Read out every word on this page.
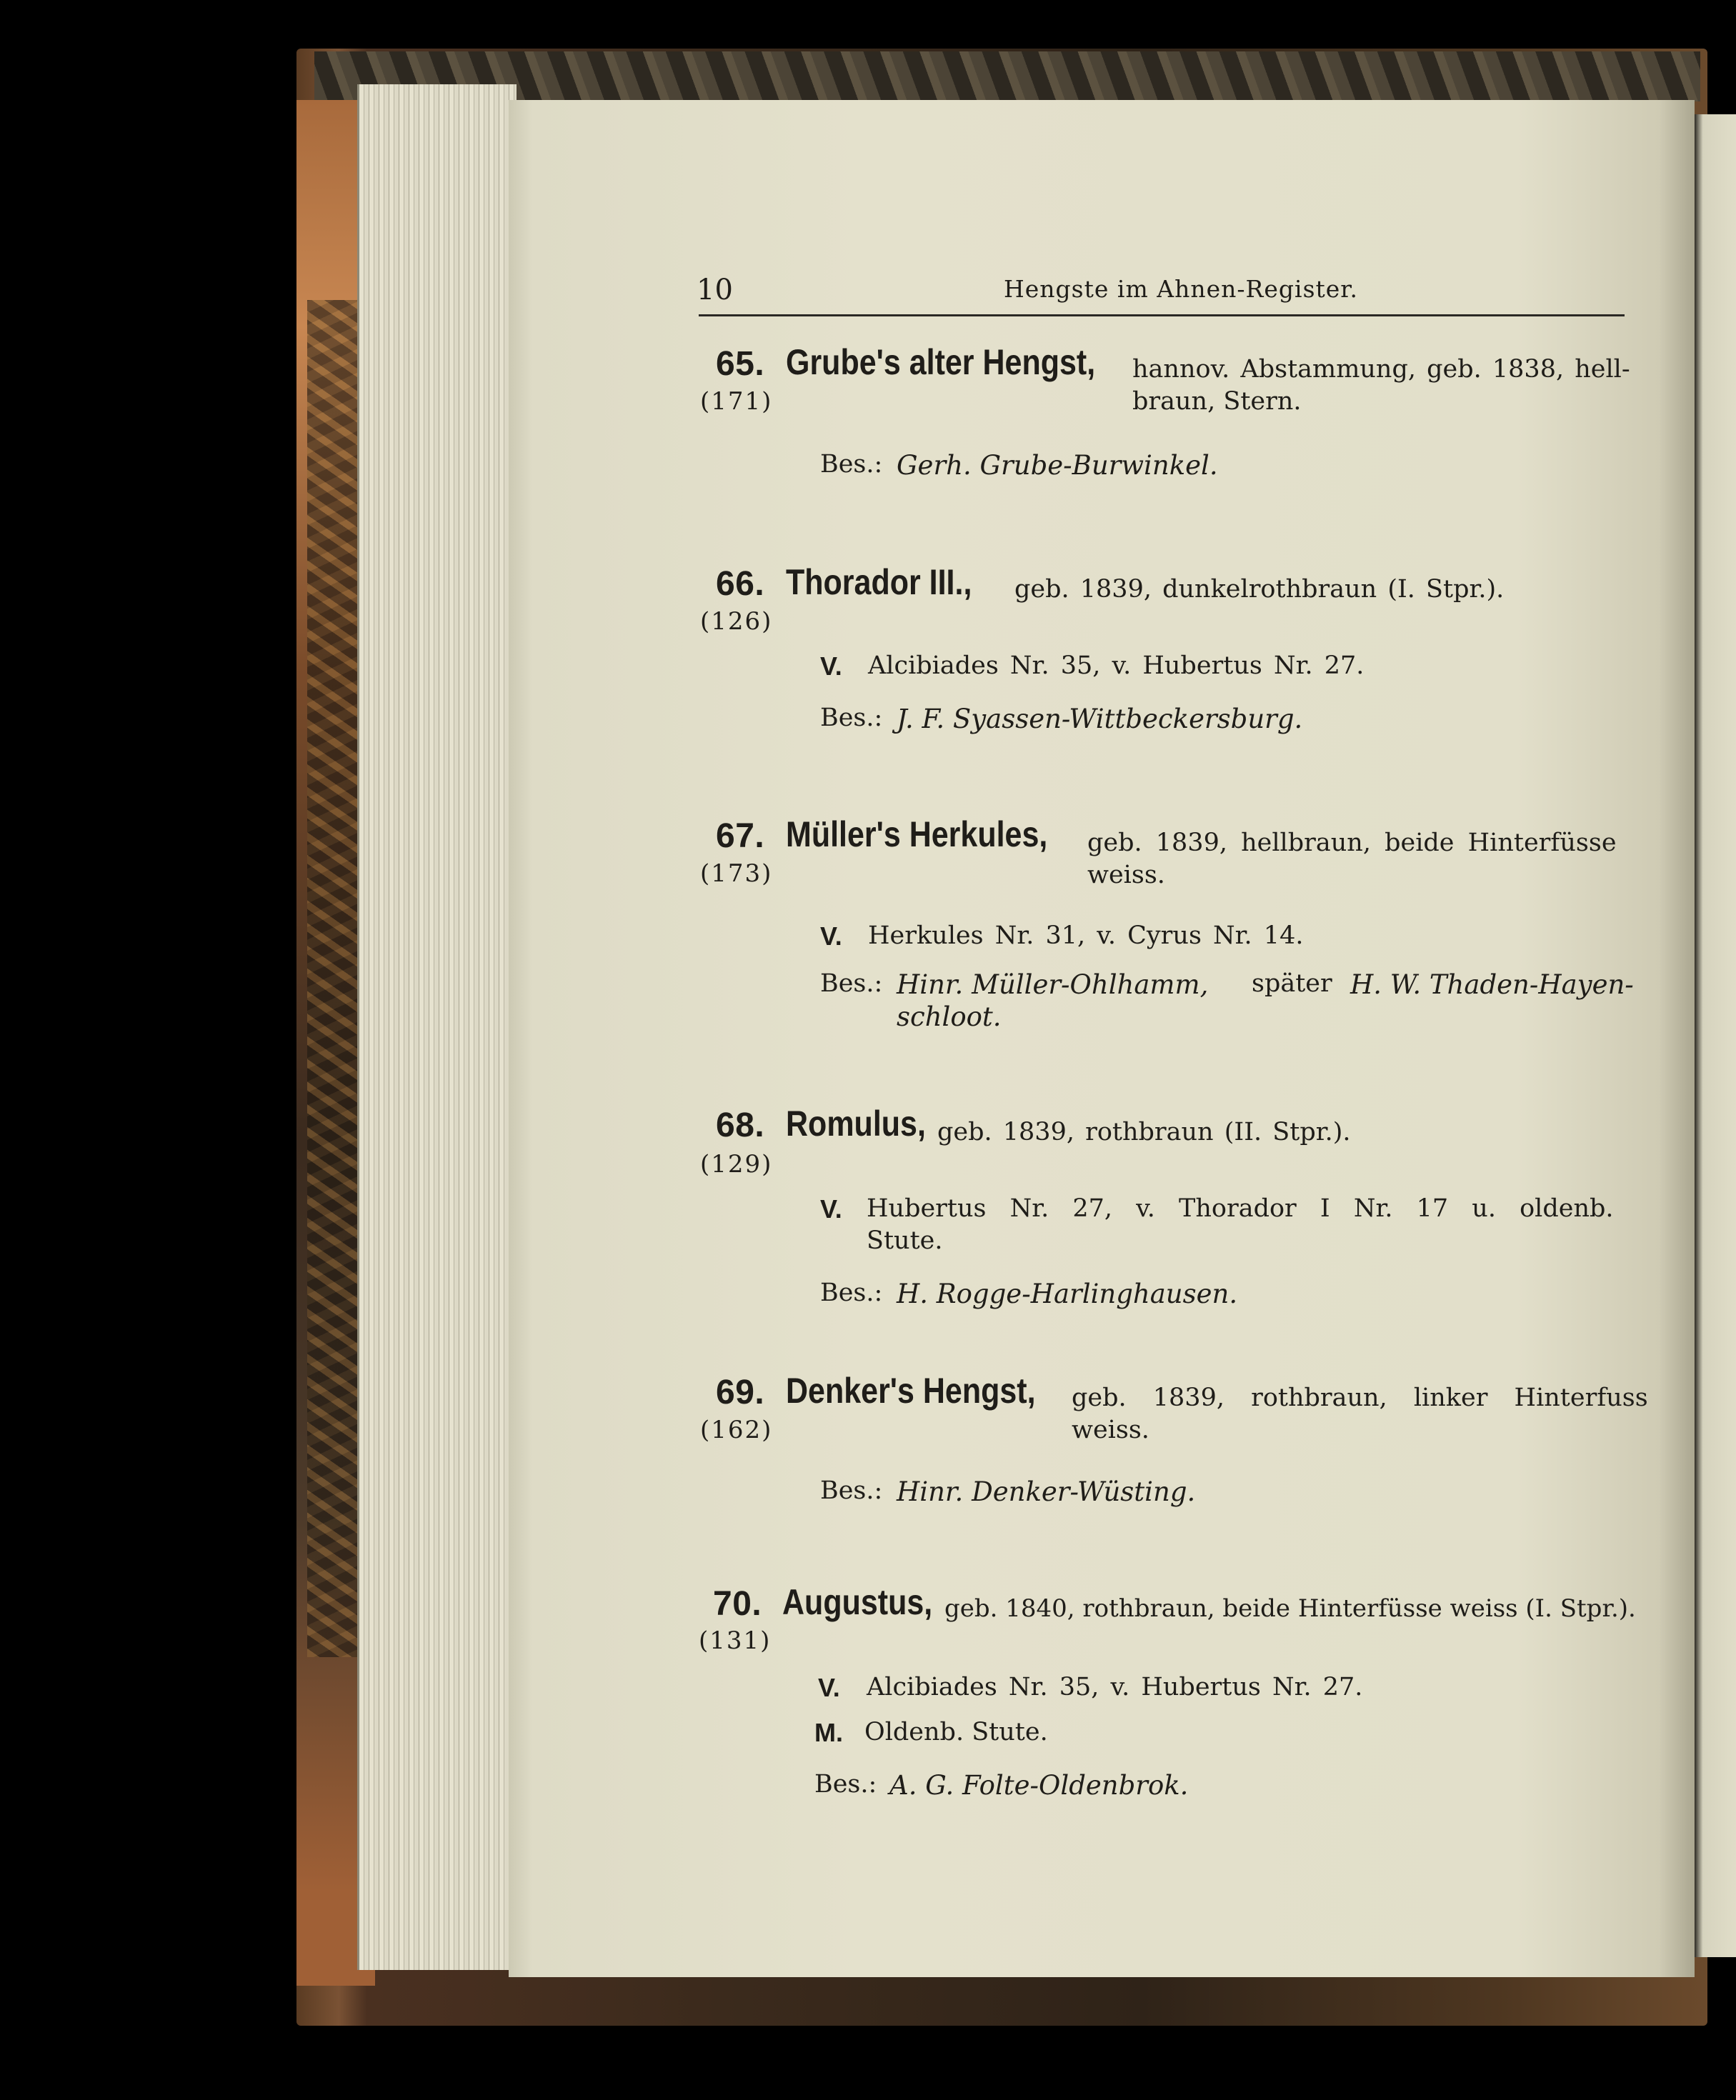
10	Hengste im Ahnen-Register.
65. Grube's alter Hengst,	hannov. Abstammung, geb. 1838, hell-
(171)	braun, Stern.
Bes.: Gerh. Grube-Burwinkel.
66. Thorador III.,	geb. 1839, dunkelrothbraun (I. Stpr.).
(126)
V. Alcibiades Nr. 35, v. Hubertus Nr. 27.
Bes.: J. F. Syassen-Wittbeckersburg.
67. Müller's Herkules,	geb. 1839, hellbraun, beide Hinterfüsse
(173)	weiss.
V. Herkules Nr. 31, v. Cyrus Nr. 14.
Bes.: Hinr. Müller-Ohlhamm, später H. W. Thaden-Hayen-
schloot.
68. Romulus, geb. 1839, rothbraun (II. Stpr.).
(129)
V. Hubertus Nr. 27, v. Thorador I Nr. 17 u. oldenb.
Stute.
Bes.: H. Rogge-Harlinghausen.
69. Denker's Hengst,	geb. 1839, rothbraun, linker Hinterfuss
(162)	weiss.
Bes.: Hinr. Denker-Wüsting.
70. Augustus, geb. 1840, rothbraun, beide Hinterfüsse weiss (I. Stpr.).
(131)
V. Alcibiades Nr. 35, v. Hubertus Nr. 27.
M. Oldenb. Stute.
Bes.: A. G. Folte-Oldenbrok.
